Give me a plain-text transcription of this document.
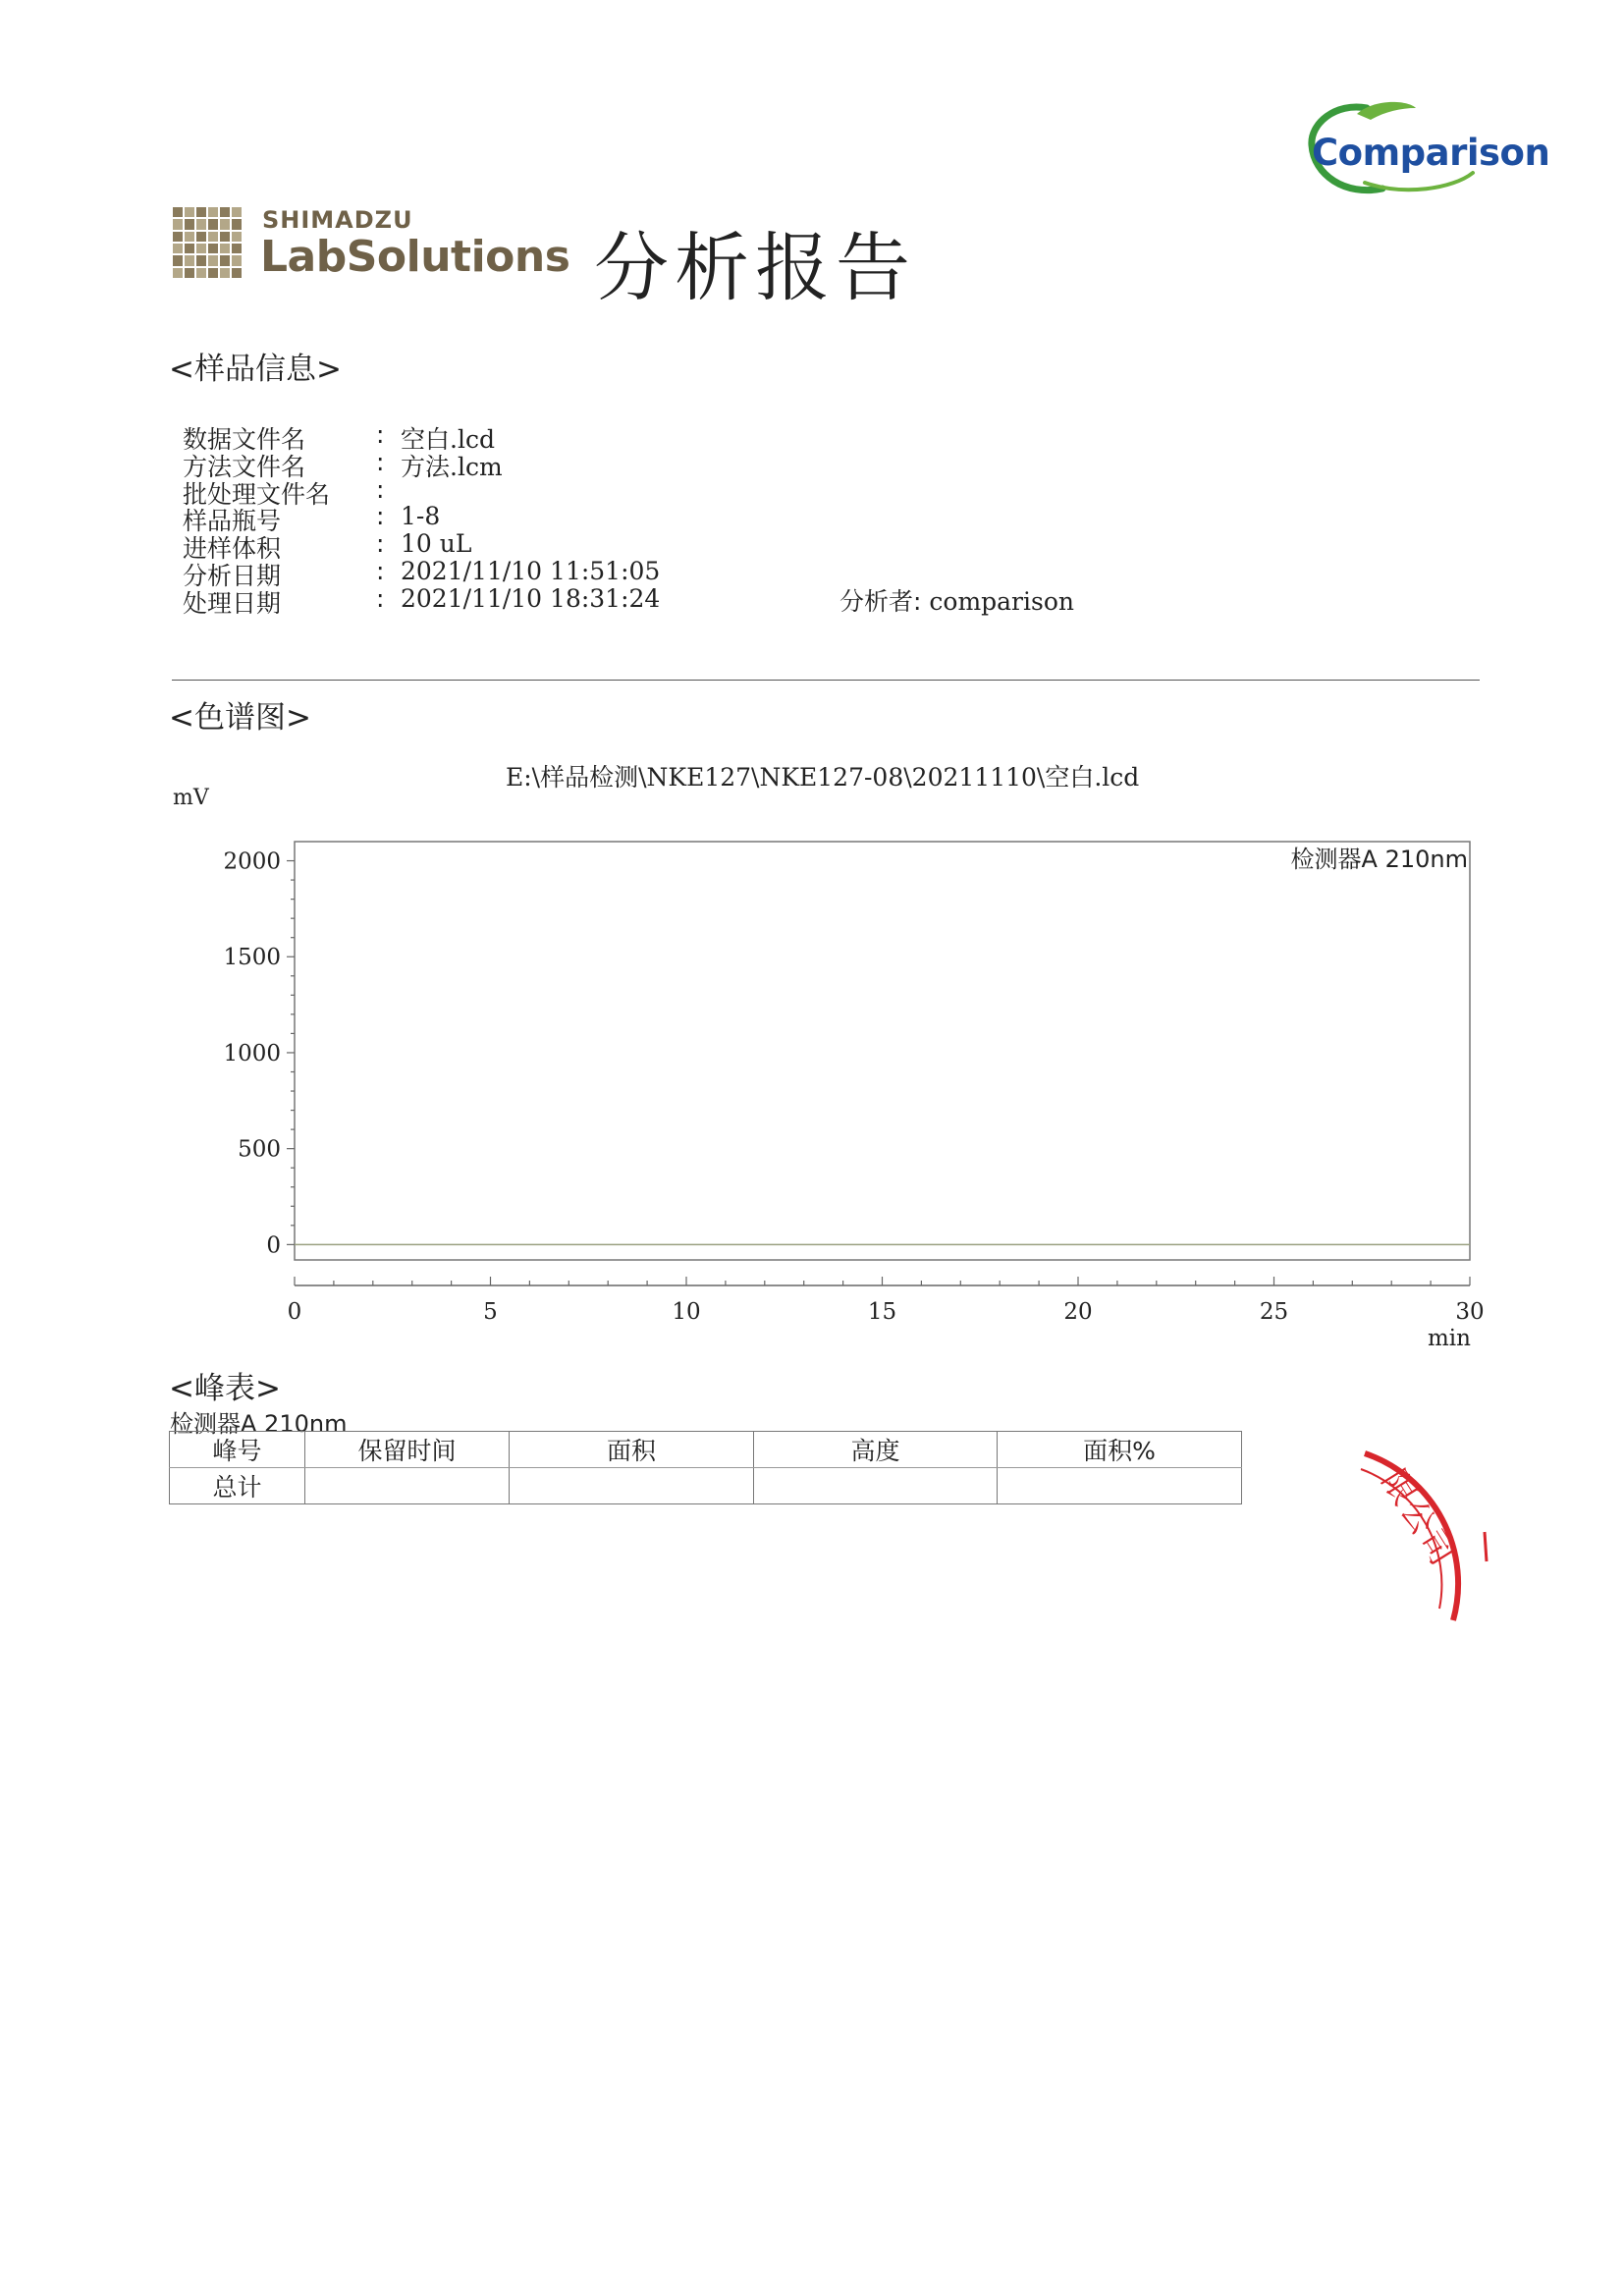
Comparison
SHIMADZU
LabSolutions 分析报告
<样品信息>
数据文件名	: 空白.lcd
方法文件名	: 方法.lcm
批处理文件名 :
样品瓶号	: 1-8
进样体积	: 10 uL
分析日期	: 2021/11/10 11:51:05
处理日期	: 2021/11/10 18:31:24	分析者: comparison
<色谱图>
E:\样品检测\NKE127\NKE127-08\20211110\空白.lcd
mV
min
0
500
1000
1500
2000
0	5	10	15	20	25	30
检测器A 210nm
<峰表>
检测器A 210nm
峰号	保留时间	面积	高度	面积%
总计					限公司
